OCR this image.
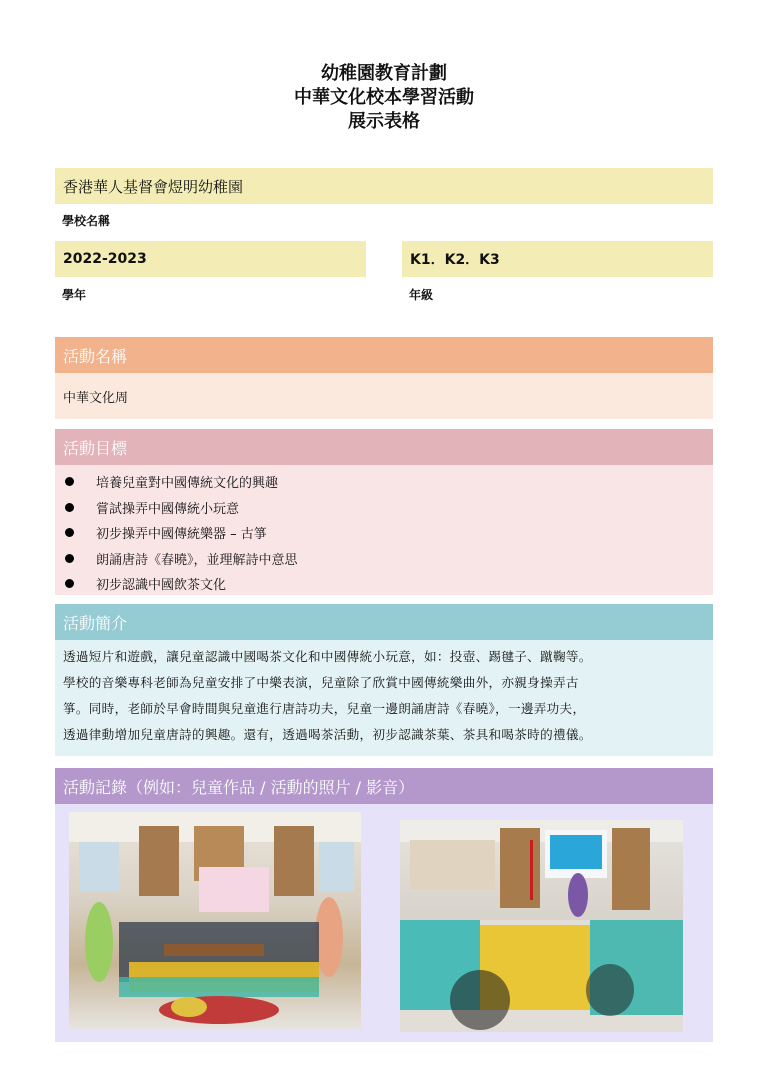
幼稚園教育計劃
中華文化校本學習活動
展示表格
香港華人基督會煜明幼稚園
學校名稱
2022-2023
學年
K1．K2．K3
年級
活動名稱
中華文化周
活動目標
培養兒童對中國傳統文化的興趣
嘗試操弄中國傳統小玩意
初步操弄中國傳統樂器 – 古箏
朗誦唐詩《春曉》，並理解詩中意思
初步認識中國飲茶文化
活動簡介
透過短片和遊戲，讓兒童認識中國喝茶文化和中國傳統小玩意，如：投壺、踢毽子、蹴鞠等。
學校的音樂專科老師為兒童安排了中樂表演，兒童除了欣賞中國傳統樂曲外，亦親身操弄古
箏。同時，老師於早會時間與兒童進行唐詩功夫，兒童一邊朗誦唐詩《春曉》，一邊弄功夫，
透過律動增加兒童唐詩的興趣。還有，透過喝茶活動，初步認識茶葉、茶具和喝茶時的禮儀。
活動記錄（例如：兒童作品 / 活動的照片 / 影音）
